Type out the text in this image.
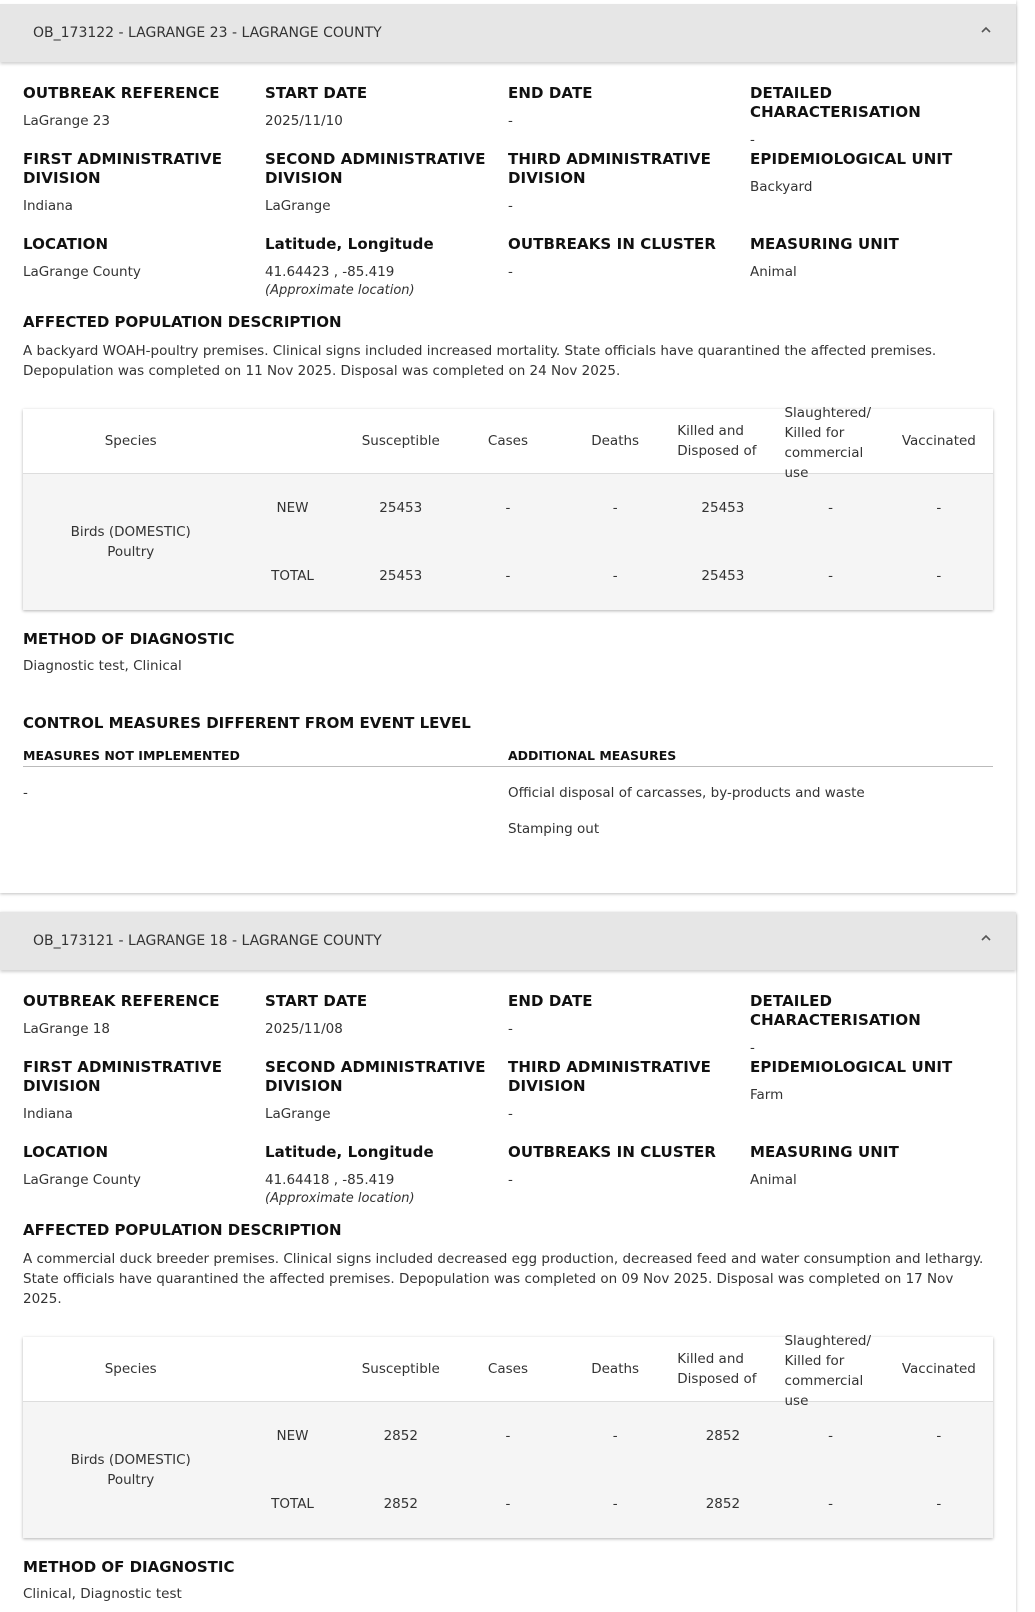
OB_173122 - LAGRANGE 23 - LAGRANGE COUNTY
OUTBREAK REFERENCE
LaGrange 23
START DATE
2025/11/10
END DATE
-
DETAILED CHARACTERISATION
-
FIRST ADMINISTRATIVE DIVISION
Indiana
SECOND ADMINISTRATIVE DIVISION
LaGrange
THIRD ADMINISTRATIVE DIVISION
-
EPIDEMIOLOGICAL UNIT
Backyard
LOCATION
LaGrange County
Latitude, Longitude
41.64423 , -85.419
(Approximate location)
OUTBREAKS IN CLUSTER
-
MEASURING UNIT
Animal
AFFECTED POPULATION DESCRIPTION
A backyard WOAH-poultry premises. Clinical signs included increased mortality. State officials have quarantined the affected premises. Depopulation was completed on 11 Nov 2025. Disposal was completed on 24 Nov 2025.
Species		Susceptible	Cases	Deaths	Killed and Disposed of	Slaughtered/ Killed for commercial use	Vaccinated

Birds (DOMESTIC) Poultry	NEW	25453	-	-	25453	-	-
	TOTAL	25453	-	-	25453	-	-
METHOD OF DIAGNOSTIC
Diagnostic test, Clinical
CONTROL MEASURES DIFFERENT FROM EVENT LEVEL
MEASURES NOT IMPLEMENTED	ADDITIONAL MEASURES
-	Official disposal of carcasses, by-products and waste
Stamping out
OB_173121 - LAGRANGE 18 - LAGRANGE COUNTY
OUTBREAK REFERENCE
LaGrange 18
START DATE
2025/11/08
END DATE
-
DETAILED CHARACTERISATION
-
FIRST ADMINISTRATIVE DIVISION
Indiana
SECOND ADMINISTRATIVE DIVISION
LaGrange
THIRD ADMINISTRATIVE DIVISION
-
EPIDEMIOLOGICAL UNIT
Farm
LOCATION
LaGrange County
Latitude, Longitude
41.64418 , -85.419
(Approximate location)
OUTBREAKS IN CLUSTER
-
MEASURING UNIT
Animal
AFFECTED POPULATION DESCRIPTION
A commercial duck breeder premises. Clinical signs included decreased egg production, decreased feed and water consumption and lethargy. State officials have quarantined the affected premises. Depopulation was completed on 09 Nov 2025. Disposal was completed on 17 Nov 2025.
Species		Susceptible	Cases	Deaths	Killed and Disposed of	Slaughtered/ Killed for commercial use	Vaccinated

Birds (DOMESTIC) Poultry	NEW	2852	-	-	2852	-	-
	TOTAL	2852	-	-	2852	-	-
METHOD OF DIAGNOSTIC
Clinical, Diagnostic test
